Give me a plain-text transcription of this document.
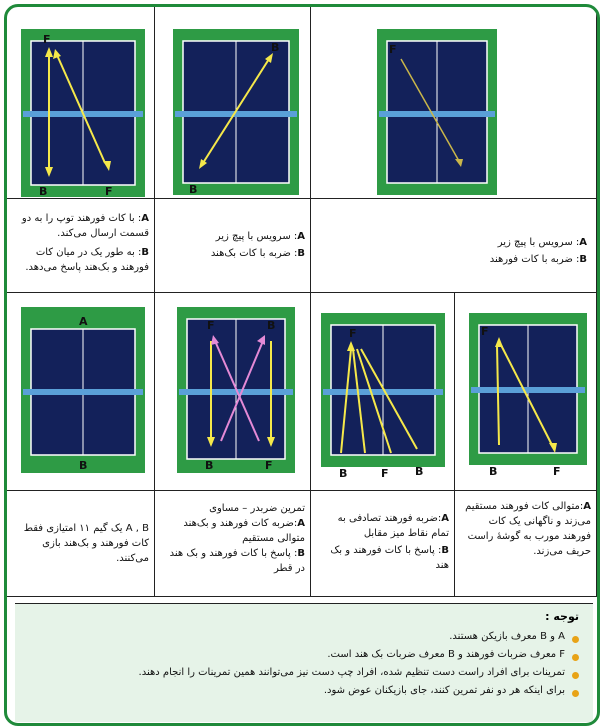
F
B	F
B
B
F
A: با کات فورهند توپ را به دو قسمت ارسال می‌کند.
B: به طور یک در میان کات فورهند و بک‌هند پاسخ می‌دهد.
A: سرویس با پیچ زیر
B: ضربه با کات بک‌هند
A: سرویس با پیچ زیر
B: ضربه با کات فورهند
A
B
F	B
B	F
F
B	F B
F
B	F
A , B یک گیم ۱۱ امتیازی فقط کات فورهند و بک‌هند بازی می‌کنند.
تمرین ضربدر – مساوی
A:ضربه کات فورهند و بک‌هند متوالی مستقیم
B: پاسخ با کات فورهند و بک هند در قطر
A:ضربه فورهند تصادفی به تمام نقاط میز مقابل
B: پاسخ با کات فورهند و بک هند
A:متوالی کات فورهند مستقیم می‌زند و ناگهانی یک کات فورهند مورب به گوشهٔ راست حریف می‌زند.
توجه :
A و B معرف بازیکن هستند.
F معرف ضربات فورهند و B معرف ضربات بک هند است.
تمرینات برای افراد راست دست تنظیم شده، افراد چپ دست نیز می‌توانند همین تمرینات را انجام دهند.
برای اینکه هر دو نفر تمرین کنند، جای بازیکنان عوض شود.
